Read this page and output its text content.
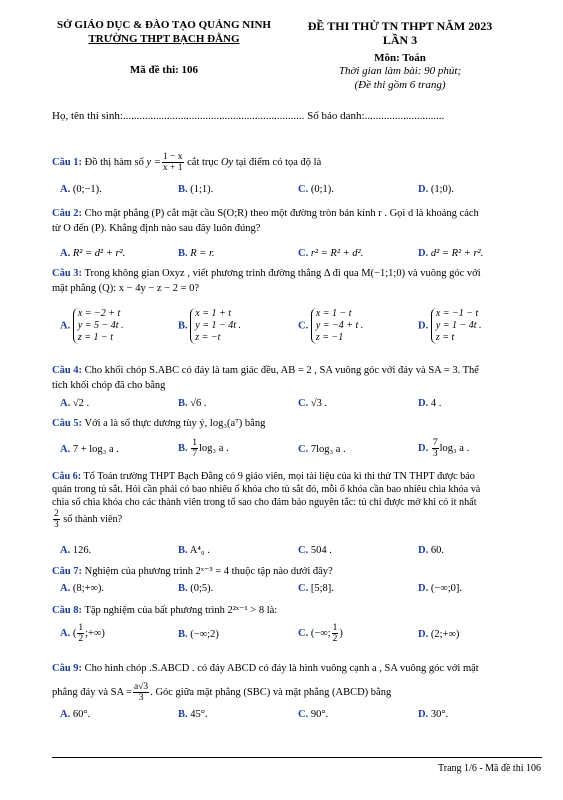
SỞ GIÁO DỤC & ĐÀO TẠO QUẢNG NINH
TRƯỜNG THPT BẠCH ĐẰNG
Mã đề thi: 106
ĐỀ THI THỬ TN THPT NĂM 2023
LẦN 3
Môn: Toán
Thời gian làm bài: 90 phút;
(Đề thi gồm 6 trang)
Họ, tên thí sinh:.................................................................. Số báo danh:.............................
Câu 1: Đồ thị hàm số $y = \frac{1 - x}{x + 1}$ cắt trục Oy tại điểm có tọa độ là
A. (0;−1).	B. (1;1).	C. (0;1).	D. (1;0).
Câu 2: Cho mặt phẳng (P) cắt mặt cầu S(O;R) theo một đường tròn bán kính r . Gọi d là khoảng cách
từ O đến (P). Khẳng định nào sau đây luôn đúng?
A. R² = d² + r².	B. R = r.	C. r² = R² + d².	D. d² = R² + r².
Câu 3: Trong không gian Oxyz , viết phương trình đường thẳng Δ đi qua M(−1;1;0) và vuông góc với
mặt phẳng (Q): x − 4y − z − 2 = 0?
A. x = −2 + t
y = 5 − 4t .
z = 1 − t
B. x = 1 + t
y = 1 − 4t .
z = −t
C. x = 1 − t
y = −4 + t .
z = −1
D. x = −1 − t
y = 1 − 4t .
z = t
Câu 4: Cho khối chóp S.ABC có đáy là tam giác đều, AB = 2 , SA vuông góc với đáy và SA = 3. Thể
tích khối chóp đã cho bằng
A. √2 .	B. √6 .	C. √3 .	D. 4 .
Câu 5: Với a là số thực dương tùy ý, log₃(a⁷) bằng
A. 7 + log₃ a .	B. $\frac{1}{7} \log_3$ a .	C. 7log₃ a .	D. $\frac{7}{3} \log_3$ a .
Câu 6: Tổ Toán trường THPT Bạch Đằng có 9 giáo viên, mọi tài liệu của kì thi thử TN THPT được bảo
quản trong tủ sắt. Hỏi cần phải có bao nhiêu ổ khóa cho tủ sắt đó, mỗi ổ khóa cần bao nhiêu chìa khóa và
chia số chìa khóa cho các thành viên trong tổ sao cho đảm bảo nguyên tắc: tủ chỉ được mở khi có ít nhất

$\frac{2}{3}$ số thành viên?
A. 126.	B. A⁴₉ .	C. 504 .	D. 60.
Câu 7: Nghiệm của phương trình 2ˣ⁻³ = 4 thuộc tập nào dưới đây?
A. (8;+∞).	B. (0;5).	C. [5;8].	D. (−∞;0].
Câu 8: Tập nghiệm của bất phương trình 2²ˣ⁻¹ > 8 là:
A. ( $\frac{1}{2}$ ;+∞)	B. (−∞;2)	C. (−∞; $\frac{1}{2}$ )	D. (2;+∞)
Câu 9: Cho hình chóp .S.ABCD . có đáy ABCD có đáy là hình vuông cạnh a , SA vuông góc với mặt
phẳng đáy và SA = $\frac{a√3}{3}$ . Góc giữa mặt phẳng (SBC) và mặt phẳng (ABCD) bằng
A. 60°.	B. 45°.	C. 90°.	D. 30°.
Trang 1/6 - Mã đề thi 106
